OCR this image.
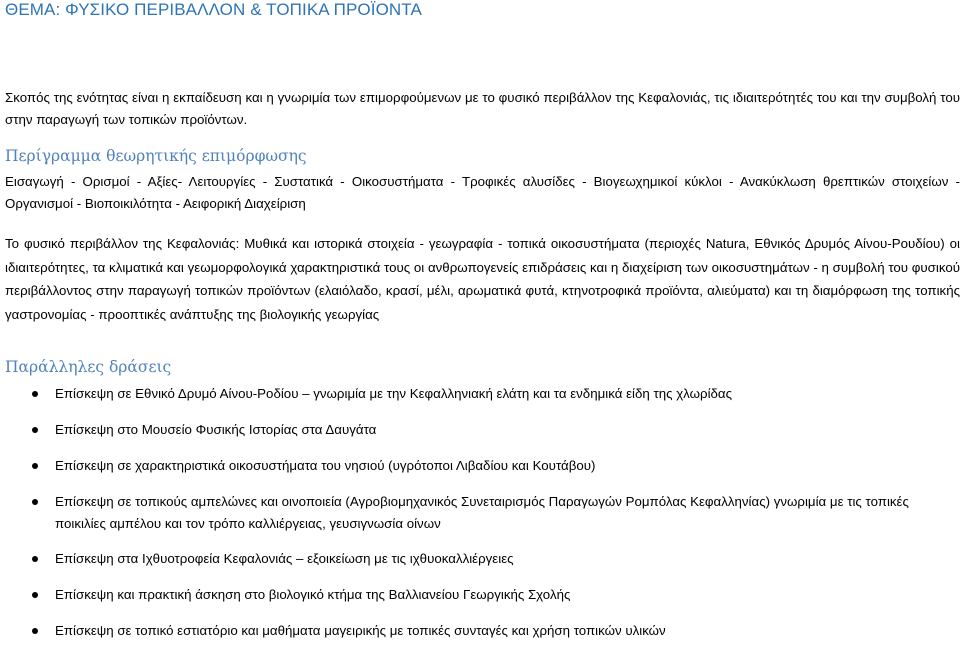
ΘΕΜΑ: ΦΥΣΙΚΟ ΠΕΡΙΒΑΛΛΟΝ & ΤΟΠΙΚΑ ΠΡΟΪΟΝΤΑ
Σκοπός της ενότητας είναι η εκπαίδευση και η γνωριμία των επιμορφούμενων με το φυσικό περιβάλλον της Κεφαλονιάς, τις ιδιαιτερότητές του και την συμβολή του στην παραγωγή των τοπικών προϊόντων.
Περίγραμμα θεωρητικής επιμόρφωσης
Εισαγωγή - Ορισμοί - Αξίες- Λειτουργίες - Συστατικά - Οικοσυστήματα - Τροφικές αλυσίδες - Βιογεωχημικοί κύκλοι - Ανακύκλωση θρεπτικών στοιχείων - Οργανισμοί - Βιοποικιλότητα - Αειφορική Διαχείριση
Το φυσικό περιβάλλον της Κεφαλονιάς: Μυθικά και ιστορικά στοιχεία - γεωγραφία - τοπικά οικοσυστήματα (περιοχές Natura, Εθνικός Δρυμός Αίνου-Ρουδίου) οι ιδιαιτερότητες, τα κλιματικά και γεωμορφολογικά χαρακτηριστικά τους οι ανθρωπογενείς επιδράσεις και η διαχείριση των οικοσυστημάτων - η συμβολή του φυσικού περιβάλλοντος στην παραγωγή τοπικών προϊόντων (ελαιόλαδο, κρασί, μέλι, αρωματικά φυτά, κτηνοτροφικά προϊόντα, αλιεύματα) και τη διαμόρφωση της τοπικής γαστρονομίας - προοπτικές ανάπτυξης της βιολογικής γεωργίας
Παράλληλες δράσεις
Επίσκεψη σε Εθνικό Δρυμό Αίνου-Ροδίου – γνωριμία με την Κεφαλληνιακή ελάτη και τα ενδημικά είδη της χλωρίδας
Επίσκεψη στο Μουσείο Φυσικής Ιστορίας στα Δαυγάτα
Επίσκεψη σε χαρακτηριστικά οικοσυστήματα του νησιού (υγρότοποι Λιβαδίου και Κουτάβου)
Επίσκεψη σε τοπικούς αμπελώνες και οινοποιεία (Αγροβιομηχανικός Συνεταιρισμός Παραγωγών Ρομπόλας Κεφαλληνίας) γνωριμία με τις τοπικές ποικιλίες αμπέλου και τον τρόπο καλλιέργειας, γευσιγνωσία οίνων
Επίσκεψη στα Ιχθυοτροφεία Κεφαλονιάς – εξοικείωση με τις ιχθυοκαλλιέργειες
Επίσκεψη και πρακτική άσκηση στο βιολογικό κτήμα της Βαλλιανείου Γεωργικής Σχολής
Επίσκεψη σε τοπικό εστιατόριο και μαθήματα μαγειρικής με τοπικές συνταγές και χρήση τοπικών υλικών
